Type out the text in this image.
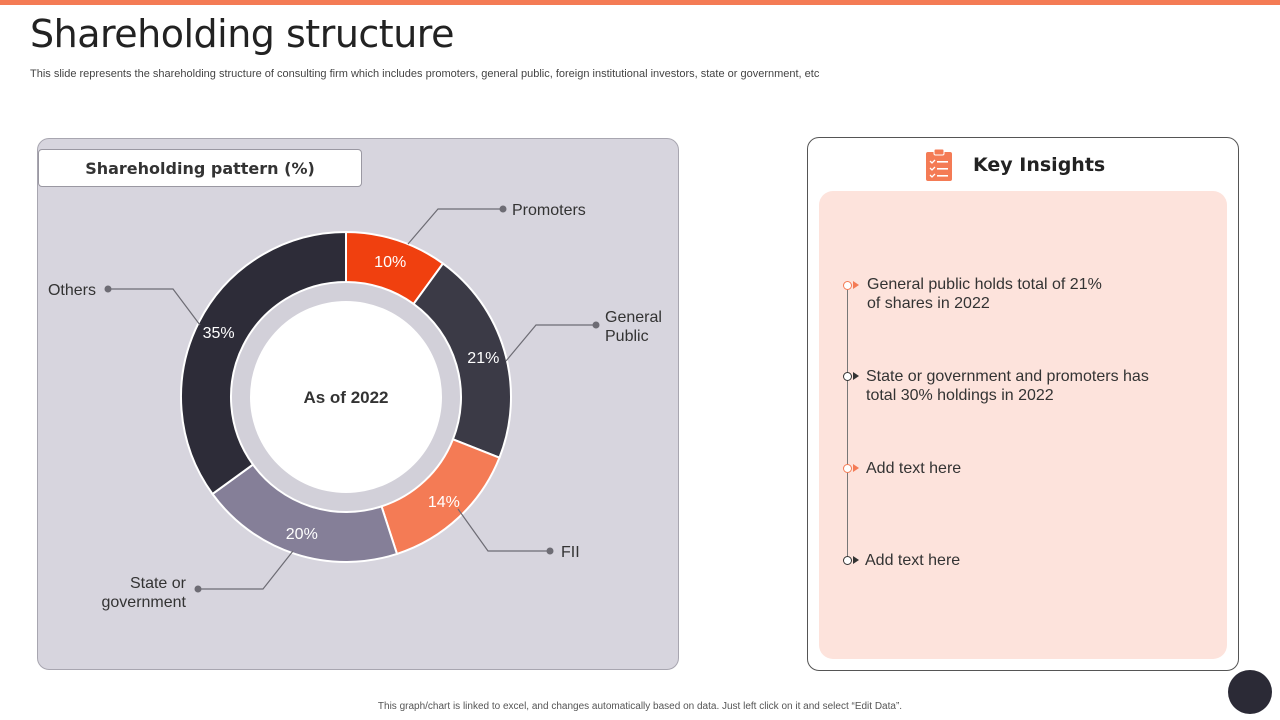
Shareholding structure
This slide represents the shareholding structure of consulting firm which includes promoters, general public, foreign institutional investors, state or government, etc
10%
21%
14%
20%
35%
As of 2022
Promoters
General
Public
FII
State or
government
Others
Shareholding pattern (%)	Key Insights
General public holds total of 21%
of shares in 2022
State or government and promoters has
total 30% holdings in 2022
Add text here
Add text here
This graph/chart is linked to excel, and changes automatically based on data. Just left click on it and select “Edit Data”.
